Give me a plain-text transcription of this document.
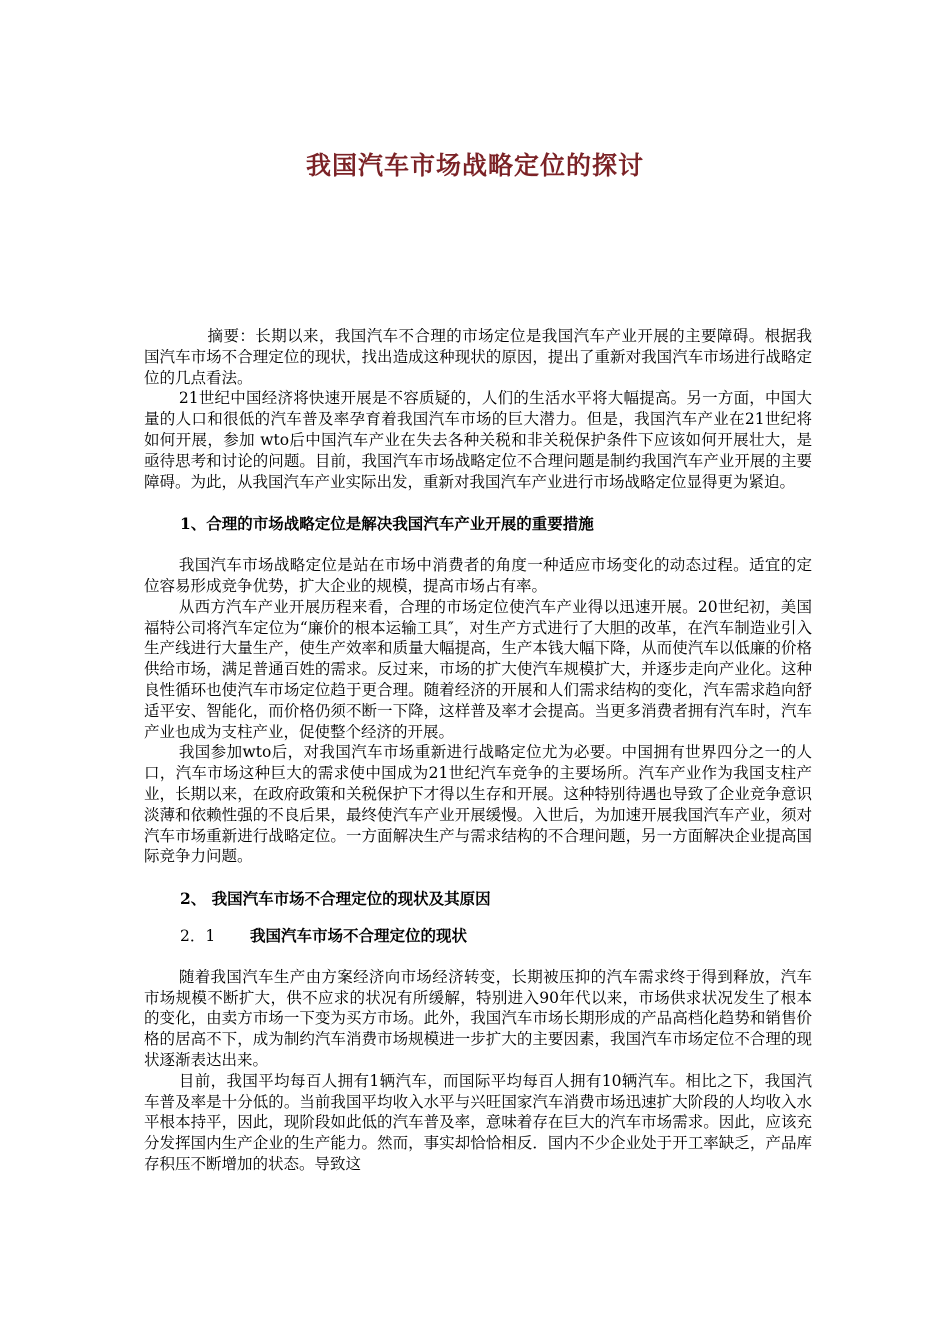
我国汽车市场战略定位的探讨

摘要：长期以来，我国汽车不合理的市场定位是我国汽车产业开展的主要障碍。根据我国汽车市场不合理定位的现状，找出造成这种现状的原因，提出了重新对我国汽车市场进行战略定位的几点看法。

21世纪中国经济将快速开展是不容质疑的，人们的生活水平将大幅提高。另一方面，中国大量的人口和很低的汽车普及率孕育着我国汽车市场的巨大潜力。但是，我国汽车产业在21世纪将如何开展，参加 wto后中国汽车产业在失去各种关税和非关税保护条件下应该如何开展壮大，是亟待思考和讨论的问题。目前，我国汽车市场战略定位不合理问题是制约我国汽车产业开展的主要障碍。为此，从我国汽车产业实际出发，重新对我国汽车产业进行市场战略定位显得更为紧迫。

1、合理的市场战略定位是解决我国汽车产业开展的重要措施

我国汽车市场战略定位是站在市场中消费者的角度一种适应市场变化的动态过程。适宜的定位容易形成竞争优势，扩大企业的规模，提高市场占有率。

从西方汽车产业开展历程来看，合理的市场定位使汽车产业得以迅速开展。20世纪初，美国福特公司将汽车定位为“廉价的根本运输工具″，对生产方式进行了大胆的改革，在汽车制造业引入生产线进行大量生产，使生产效率和质量大幅提高，生产本钱大幅下降，从而使汽车以低廉的价格供给市场，满足普通百姓的需求。反过来，市场的扩大使汽车规模扩大，并逐步走向产业化。这种良性循环也使汽车市场定位趋于更合理。随着经济的开展和人们需求结构的变化，汽车需求趋向舒适平安、智能化，而价格仍须不断一下降，这样普及率才会提高。当更多消费者拥有汽车时，汽车产业也成为支柱产业，促使整个经济的开展。

我国参加wto后，对我国汽车市场重新进行战略定位尤为必要。中国拥有世界四分之一的人口，汽车市场这种巨大的需求使中国成为21世纪汽车竞争的主要场所。汽车产业作为我国支柱产业，长期以来，在政府政策和关税保护下才得以生存和开展。这种特别待遇也导致了企业竞争意识淡薄和依赖性强的不良后果，最终使汽车产业开展缓慢。入世后，为加速开展我国汽车产业，须对汽车市场重新进行战略定位。一方面解决生产与需求结构的不合理问题，另一方面解决企业提高国际竞争力问题。

2、 我国汽车市场不合理定位的现状及其原因
2．1	我国汽车市场不合理定位的现状

随着我国汽车生产由方案经济向市场经济转变，长期被压抑的汽车需求终于得到释放，汽车市场规模不断扩大，供不应求的状况有所缓解，特别进入90年代以来，市场供求状况发生了根本的变化，由卖方市场一下变为买方市场。此外，我国汽车市场长期形成的产品高档化趋势和销售价格的居高不下，成为制约汽车消费市场规模进一步扩大的主要因素，我国汽车市场定位不合理的现状逐渐表达出来。

目前，我国平均每百人拥有1辆汽车，而国际平均每百人拥有10辆汽车。相比之下，我国汽车普及率是十分低的。当前我国平均收入水平与兴旺国家汽车消费市场迅速扩大阶段的人均收入水平根本持平，因此，现阶段如此低的汽车普及率，意味着存在巨大的汽车市场需求。因此，应该充分发挥国内生产企业的生产能力。然而，事实却恰恰相反．国内不少企业处于开工率缺乏，产品库存积压不断增加的状态。导致这
